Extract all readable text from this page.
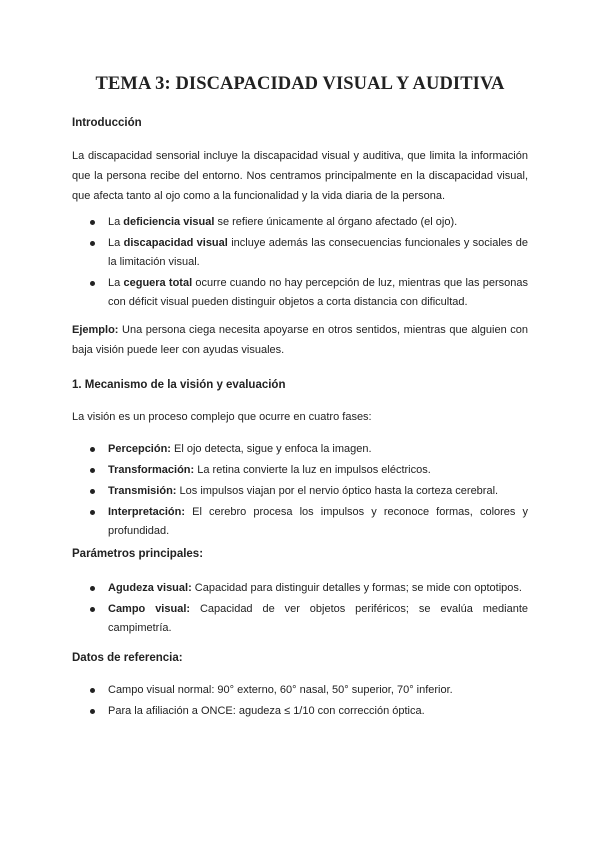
TEMA 3: DISCAPACIDAD VISUAL Y AUDITIVA
Introducción

La discapacidad sensorial incluye la discapacidad visual y auditiva, que limita la información que la persona recibe del entorno. Nos centramos principalmente en la discapacidad visual, que afecta tanto al ojo como a la funcionalidad y la vida diaria de la persona.

La deficiencia visual se refiere únicamente al órgano afectado (el ojo).
La discapacidad visual incluye además las consecuencias funcionales y sociales de la limitación visual.
La ceguera total ocurre cuando no hay percepción de luz, mientras que las personas con déficit visual pueden distinguir objetos a corta distancia con dificultad.

Ejemplo: Una persona ciega necesita apoyarse en otros sentidos, mientras que alguien con baja visión puede leer con ayudas visuales.

1. Mecanismo de la visión y evaluación

La visión es un proceso complejo que ocurre en cuatro fases:

Percepción: El ojo detecta, sigue y enfoca la imagen.
Transformación: La retina convierte la luz en impulsos eléctricos.
Transmisión: Los impulsos viajan por el nervio óptico hasta la corteza cerebral.
Interpretación: El cerebro procesa los impulsos y reconoce formas, colores y profundidad.
Parámetros principales:
Agudeza visual: Capacidad para distinguir detalles y formas; se mide con optotipos.
Campo visual: Capacidad de ver objetos periféricos; se evalúa mediante campimetría.
Datos de referencia:
Campo visual normal: 90° externo, 60° nasal, 50° superior, 70° inferior.
Para la afiliación a ONCE: agudeza ≤ 1/10 con corrección óptica.
